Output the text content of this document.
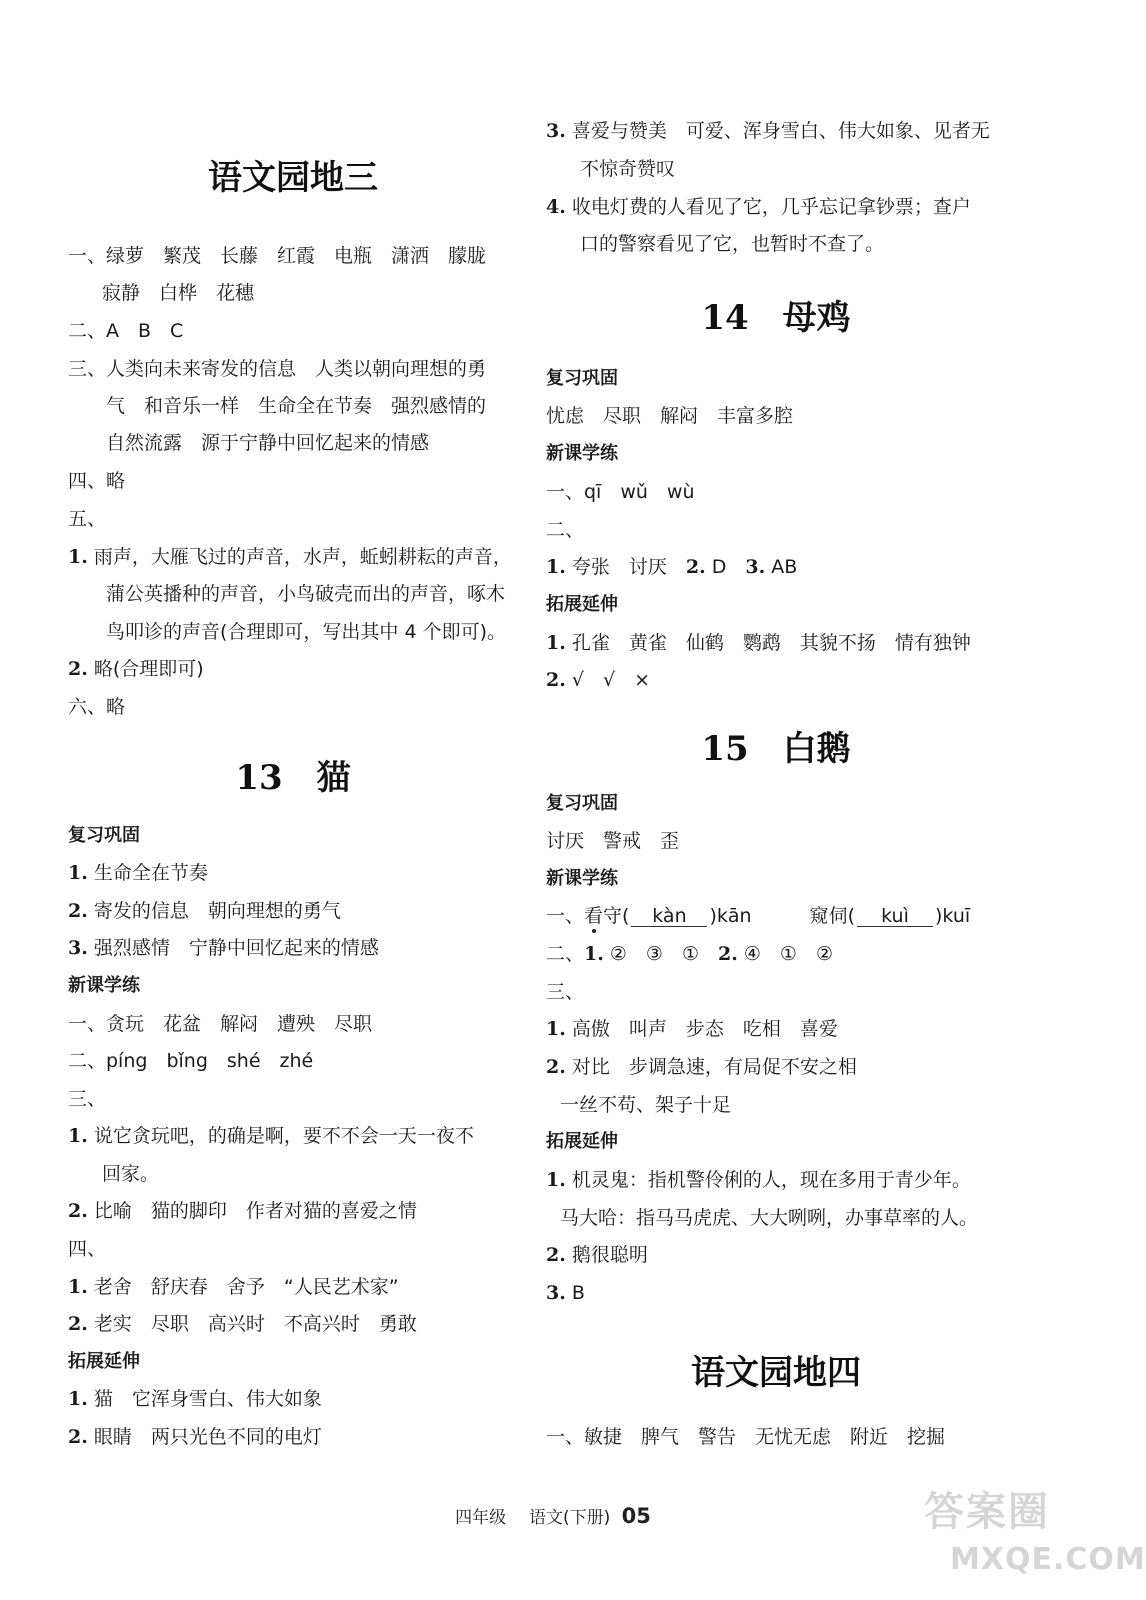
语文园地三
一、绿萝　繁茂　长藤　红霞　电瓶　潇洒　朦胧
寂静　白桦　花穗
二、A　B　C
三、人类向未来寄发的信息　人类以朝向理想的勇
气　和音乐一样　生命全在节奏　强烈感情的
自然流露　源于宁静中回忆起来的情感
四、略
五、
1. 雨声，大雁飞过的声音，水声，蚯蚓耕耘的声音，
蒲公英播种的声音，小鸟破壳而出的声音，啄木
鸟叩诊的声音(合理即可，写出其中 4 个即可)。
2. 略(合理即可)
六、略
13　猫
复习巩固
1. 生命全在节奏
2. 寄发的信息　朝向理想的勇气
3. 强烈感情　宁静中回忆起来的情感
新课学练
一、贪玩　花盆　解闷　遭殃　尽职
二、píng　bǐng　shé　zhé
三、
1. 说它贪玩吧，的确是啊，要不不会一天一夜不
回家。
2. 比喻　猫的脚印　作者对猫的喜爱之情
四、
1. 老舍　舒庆春　舍予　“人民艺术家”
2. 老实　尽职　高兴时　不高兴时　勇敢
拓展延伸
1. 猫　它浑身雪白、伟大如象
2. 眼睛　两只光色不同的电灯
3. 喜爱与赞美　可爱、浑身雪白、伟大如象、见者无
不惊奇赞叹
4. 收电灯费的人看见了它，几乎忘记拿钞票；查户
口的警察看见了它，也暂时不查了。
14　母鸡
复习巩固
忧虑　尽职　解闷　丰富多腔
新课学练
一、qī　wǔ　wù
二、
1. 夸张　讨厌　2. D　3. AB
拓展延伸
1. 孔雀　黄雀　仙鹤　鹦鹉　其貌不扬　情有独钟
2. √　√　×
15　白鹅
复习巩固
讨厌　警戒　歪
新课学练
一、看守( kàn )kān	窥伺( kuì )kuī
二、1. ②　③　①　2. ④　①　②
三、
1. 高傲　叫声　步态　吃相　喜爱
2. 对比　步调急速，有局促不安之相
一丝不苟、架子十足
拓展延伸
1. 机灵鬼：指机警伶俐的人，现在多用于青少年。
马大哈：指马马虎虎、大大咧咧，办事草率的人。
2. 鹅很聪明
3. B
语文园地四
一、敏捷　脾气　警告　无忧无虑　附近　挖掘
四年级 语文(下册) 05	答案圈
MXQE.COM
